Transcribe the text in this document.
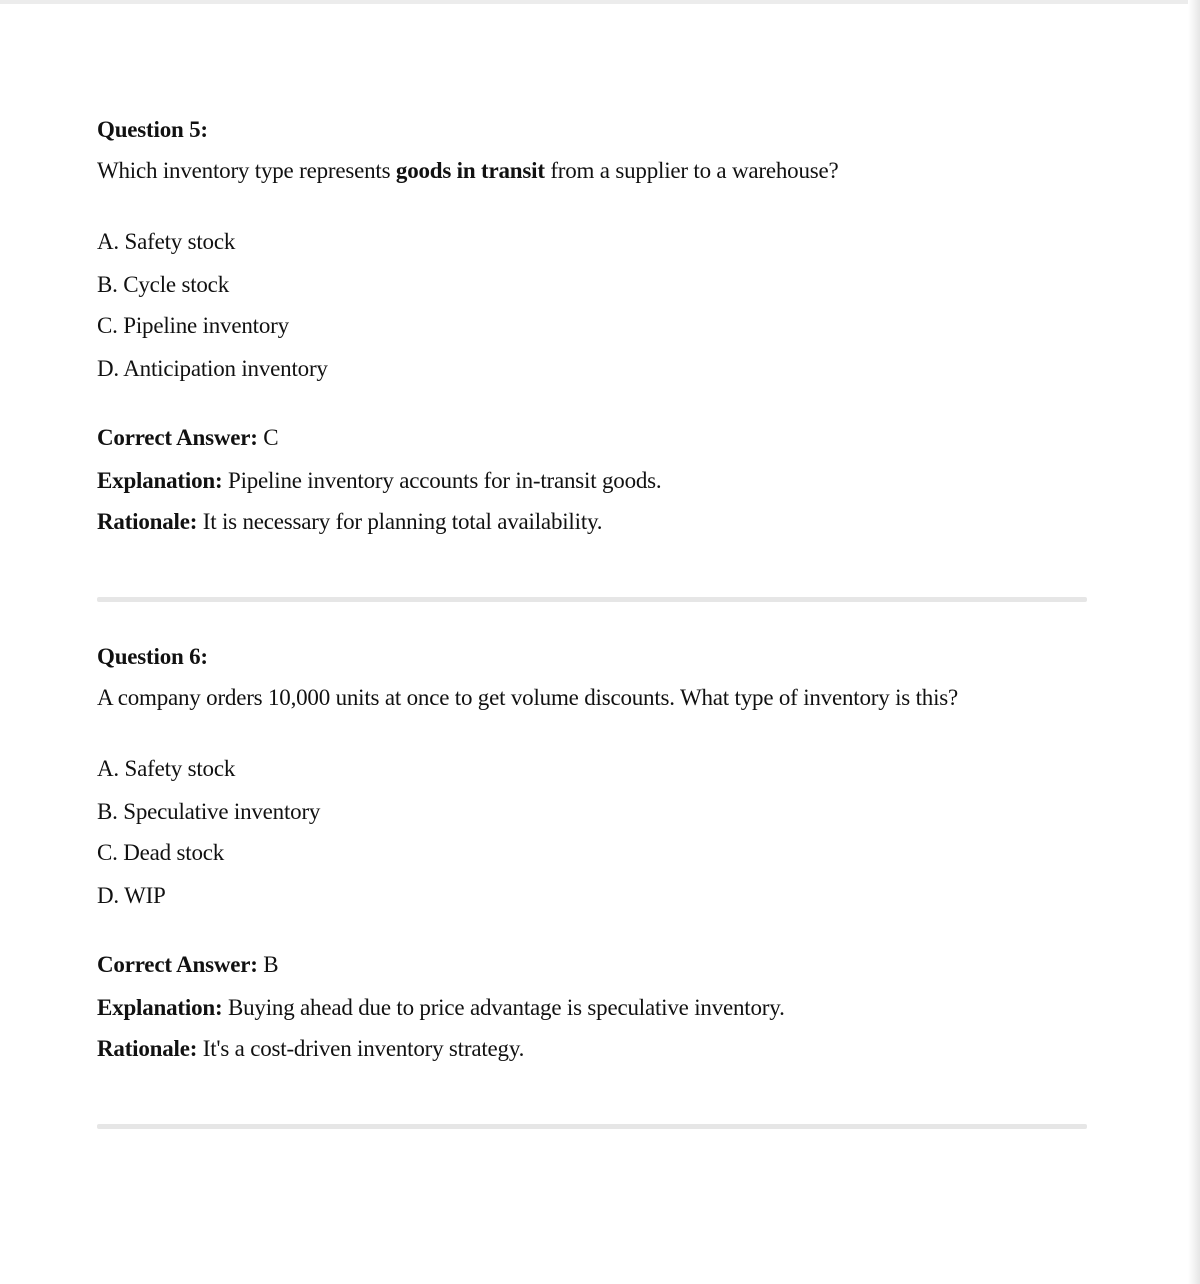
Question 5:
Which inventory type represents goods in transit from a supplier to a warehouse?
A. Safety stock
B. Cycle stock
C. Pipeline inventory
D. Anticipation inventory
Correct Answer: C
Explanation: Pipeline inventory accounts for in-transit goods.
Rationale: It is necessary for planning total availability.
Question 6:
A company orders 10,000 units at once to get volume discounts. What type of inventory is this?
A. Safety stock
B. Speculative inventory
C. Dead stock
D. WIP
Correct Answer: B
Explanation: Buying ahead due to price advantage is speculative inventory.
Rationale: It's a cost-driven inventory strategy.
